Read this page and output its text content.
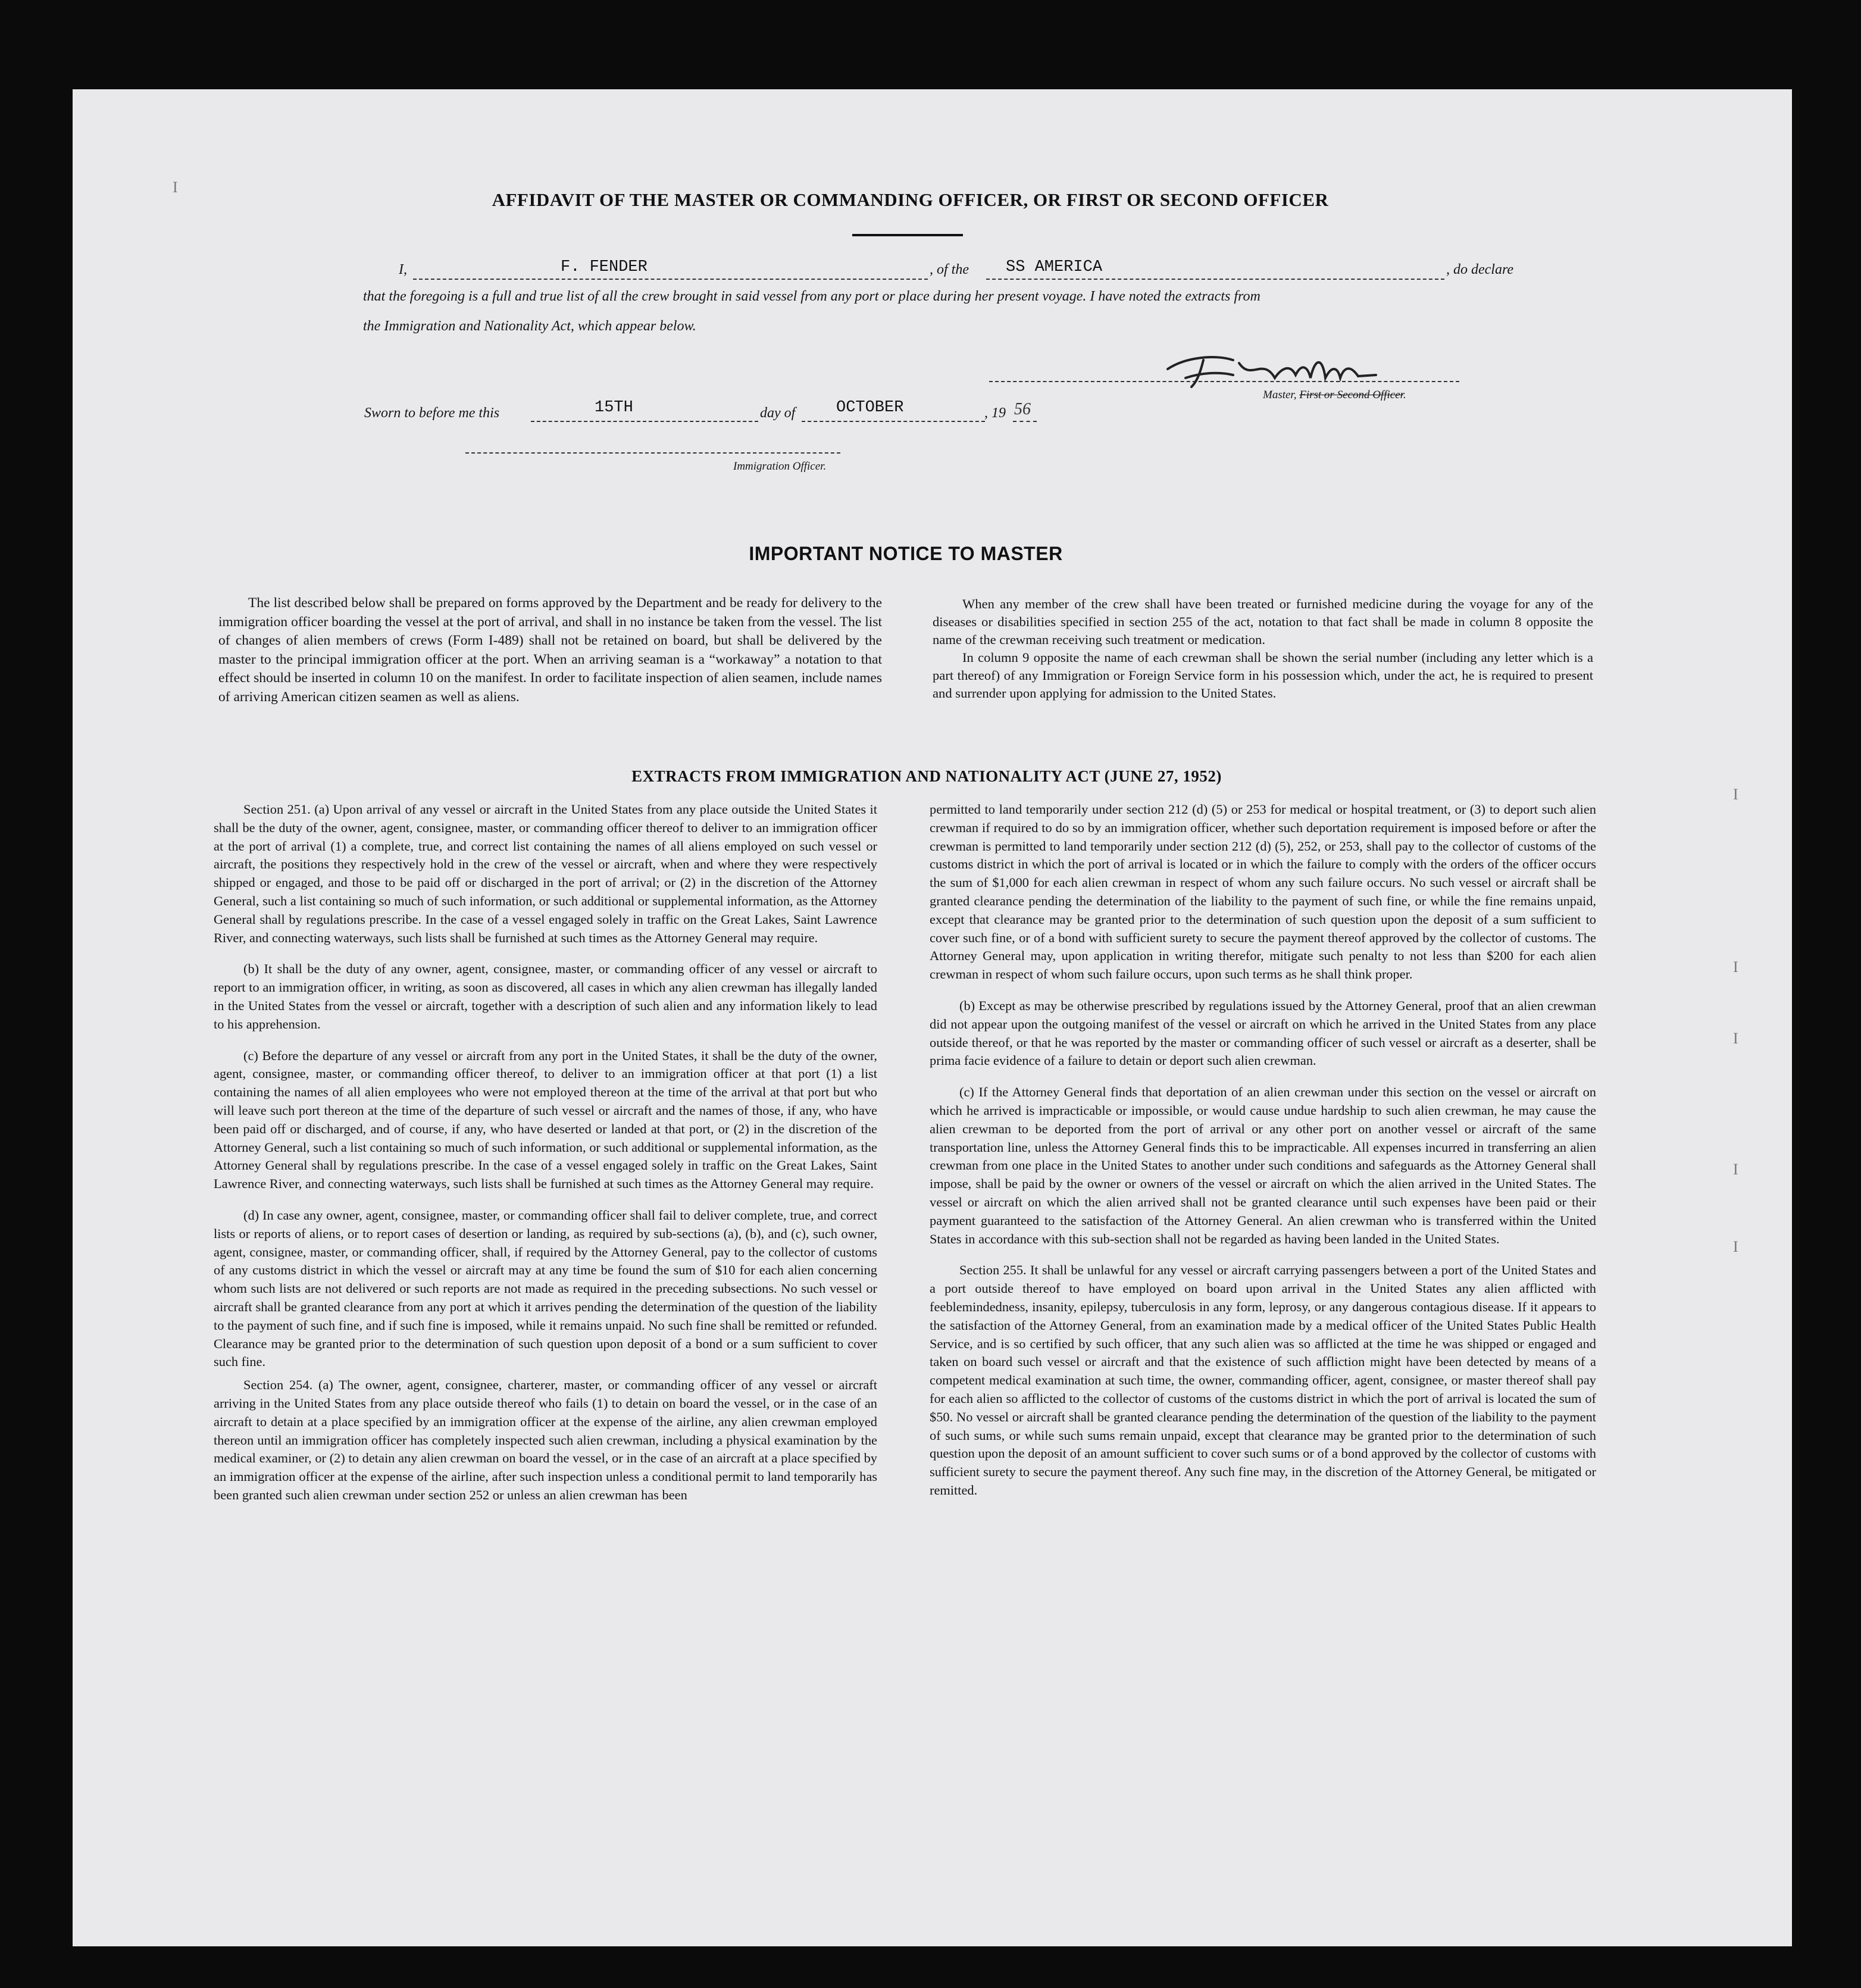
I
I
I
I
I
I
AFFIDAVIT OF THE MASTER OR COMMANDING OFFICER, OR FIRST OR SECOND OFFICER
I,	F. FENDER	, of the SS AMERICA	, do declare
that the foregoing is a full and true list of all the crew brought in said vessel from any port or place during her present voyage. I have noted the extracts from
the Immigration and Nationality Act, which appear below.
Master, First or Second Officer.
Sworn to before me this	15TH	day of	OCTOBER	, 19 56
Immigration Officer.
IMPORTANT NOTICE TO MASTER

The list described below shall be prepared on forms approved by the Department and be ready for delivery to the immigration officer boarding the vessel at the port of arrival, and shall in no instance be taken from the vessel. The list of changes of alien members of crews (Form I-489) shall not be retained on board, but shall be delivered by the master to the principal immigration officer at the port. When an arriving seaman is a “workaway” a notation to that effect should be inserted in column 10 on the manifest. In order to facilitate inspection of alien seamen, include names of arriving American citizen seamen as well as aliens.

When any member of the crew shall have been treated or furnished medicine during the voyage for any of the diseases or disabilities specified in section 255 of the act, notation to that fact shall be made in column 8 opposite the name of the crewman receiving such treatment or medication.

In column 9 opposite the name of each crewman shall be shown the serial number (including any letter which is a part thereof) of any Immigration or Foreign Service form in his possession which, under the act, he is required to present and surrender upon applying for admission to the United States.

EXTRACTS FROM IMMIGRATION AND NATIONALITY ACT (JUNE 27, 1952)

Section 251. (a) Upon arrival of any vessel or aircraft in the United States from any place outside the United States it shall be the duty of the owner, agent, consignee, master, or commanding officer thereof to deliver to an immigration officer at the port of arrival (1) a complete, true, and correct list containing the names of all aliens employed on such vessel or aircraft, the positions they respectively hold in the crew of the vessel or aircraft, when and where they were respectively shipped or engaged, and those to be paid off or discharged in the port of arrival; or (2) in the discretion of the Attorney General, such a list containing so much of such information, or such additional or supplemental information, as the Attorney General shall by regulations prescribe. In the case of a vessel engaged solely in traffic on the Great Lakes, Saint Lawrence River, and connecting waterways, such lists shall be furnished at such times as the Attorney General may require.

(b) It shall be the duty of any owner, agent, consignee, master, or commanding officer of any vessel or aircraft to report to an immigration officer, in writing, as soon as discovered, all cases in which any alien crewman has illegally landed in the United States from the vessel or aircraft, together with a description of such alien and any information likely to lead to his apprehension.

(c) Before the departure of any vessel or aircraft from any port in the United States, it shall be the duty of the owner, agent, consignee, master, or commanding officer thereof, to deliver to an immigration officer at that port (1) a list containing the names of all alien employees who were not employed thereon at the time of the arrival at that port but who will leave such port thereon at the time of the departure of such vessel or aircraft and the names of those, if any, who have been paid off or discharged, and of course, if any, who have deserted or landed at that port, or (2) in the discretion of the Attorney General, such a list containing so much of such information, or such additional or supplemental information, as the Attorney General shall by regulations prescribe. In the case of a vessel engaged solely in traffic on the Great Lakes, Saint Lawrence River, and connecting waterways, such lists shall be furnished at such times as the Attorney General may require.

(d) In case any owner, agent, consignee, master, or commanding officer shall fail to deliver complete, true, and correct lists or reports of aliens, or to report cases of desertion or landing, as required by sub-sections (a), (b), and (c), such owner, agent, consignee, master, or commanding officer, shall, if required by the Attorney General, pay to the collector of customs of any customs district in which the vessel or aircraft may at any time be found the sum of $10 for each alien concerning whom such lists are not delivered or such reports are not made as required in the preceding subsections. No such vessel or aircraft shall be granted clearance from any port at which it arrives pending the determination of the question of the liability to the payment of such fine, and if such fine is imposed, while it remains unpaid. No such fine shall be remitted or refunded. Clearance may be granted prior to the determination of such question upon deposit of a bond or a sum sufficient to cover such fine.

Section 254. (a) The owner, agent, consignee, charterer, master, or commanding officer of any vessel or aircraft arriving in the United States from any place outside thereof who fails (1) to detain on board the vessel, or in the case of an aircraft to detain at a place specified by an immigration officer at the expense of the airline, any alien crewman employed thereon until an immigration officer has completely inspected such alien crewman, including a physical examination by the medical examiner, or (2) to detain any alien crewman on board the vessel, or in the case of an aircraft at a place specified by an immigration officer at the expense of the airline, after such inspection unless a conditional permit to land temporarily has been granted such alien crewman under section 252 or unless an alien crewman has been

permitted to land temporarily under section 212 (d) (5) or 253 for medical or hospital treatment, or (3) to deport such alien crewman if required to do so by an immigration officer, whether such deportation requirement is imposed before or after the crewman is permitted to land temporarily under section 212 (d) (5), 252, or 253, shall pay to the collector of customs of the customs district in which the port of arrival is located or in which the failure to comply with the orders of the officer occurs the sum of $1,000 for each alien crewman in respect of whom any such failure occurs. No such vessel or aircraft shall be granted clearance pending the determination of the liability to the payment of such fine, or while the fine remains unpaid, except that clearance may be granted prior to the determination of such question upon the deposit of a sum sufficient to cover such fine, or of a bond with sufficient surety to secure the payment thereof approved by the collector of customs. The Attorney General may, upon application in writing therefor, mitigate such penalty to not less than $200 for each alien crewman in respect of whom such failure occurs, upon such terms as he shall think proper.

(b) Except as may be otherwise prescribed by regulations issued by the Attorney General, proof that an alien crewman did not appear upon the outgoing manifest of the vessel or aircraft on which he arrived in the United States from any place outside thereof, or that he was reported by the master or commanding officer of such vessel or aircraft as a deserter, shall be prima facie evidence of a failure to detain or deport such alien crewman.

(c) If the Attorney General finds that deportation of an alien crewman under this section on the vessel or aircraft on which he arrived is impracticable or impossible, or would cause undue hardship to such alien crewman, he may cause the alien crewman to be deported from the port of arrival or any other port on another vessel or aircraft of the same transportation line, unless the Attorney General finds this to be impracticable. All expenses incurred in transferring an alien crewman from one place in the United States to another under such conditions and safeguards as the Attorney General shall impose, shall be paid by the owner or owners of the vessel or aircraft on which the alien arrived in the United States. The vessel or aircraft on which the alien arrived shall not be granted clearance until such expenses have been paid or their payment guaranteed to the satisfaction of the Attorney General. An alien crewman who is transferred within the United States in accordance with this sub-section shall not be regarded as having been landed in the United States.

Section 255. It shall be unlawful for any vessel or aircraft carrying passengers between a port of the United States and a port outside thereof to have employed on board upon arrival in the United States any alien afflicted with feeblemindedness, insanity, epilepsy, tuberculosis in any form, leprosy, or any dangerous contagious disease. If it appears to the satisfaction of the Attorney General, from an examination made by a medical officer of the United States Public Health Service, and is so certified by such officer, that any such alien was so afflicted at the time he was shipped or engaged and taken on board such vessel or aircraft and that the existence of such affliction might have been detected by means of a competent medical examination at such time, the owner, commanding officer, agent, consignee, or master thereof shall pay for each alien so afflicted to the collector of customs of the customs district in which the port of arrival is located the sum of $50. No vessel or aircraft shall be granted clearance pending the determination of the question of the liability to the payment of such sums, or while such sums remain unpaid, except that clearance may be granted prior to the determination of such question upon the deposit of an amount sufficient to cover such sums or of a bond approved by the collector of customs with sufficient surety to secure the payment thereof. Any such fine may, in the discretion of the Attorney General, be mitigated or remitted.
